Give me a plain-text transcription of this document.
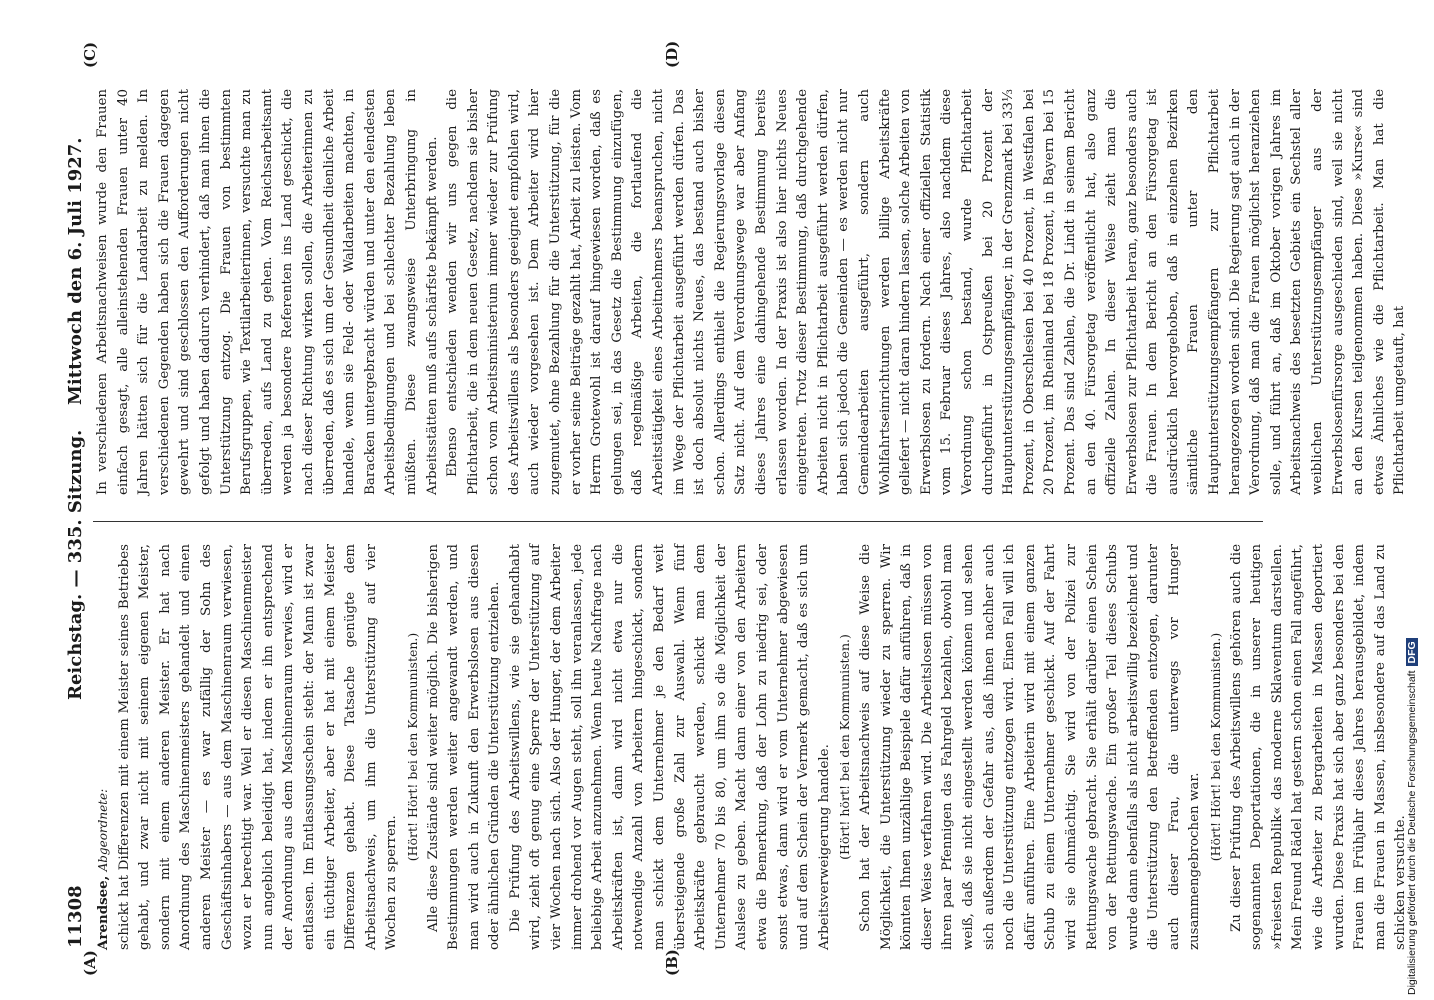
11308
Reichstag. — 335. Sitzung.
Mittwoch den 6. Juli 1927.
(A)	(B)
(C)	(D)

Arendsee, Abgeordnete: schickt hat Differenzen mit einem Meister seines Betriebes gehabt, und zwar nicht mit seinem eigenen Meister, sondern mit einem anderen Meister. Er hat nach Anordnung des Maschinenmeisters gehandelt und einen anderen Meister — es war zufällig der Sohn des Geschäftsinhabers — aus dem Maschinenraum verwiesen, wozu er berechtigt war. Weil er diesen Maschinenmeister nun angeblich beleidigt hat, indem er ihn entsprechend der Anordnung aus dem Maschinenraum verwies, wird er entlassen. Im Entlassungsschein steht: der Mann ist zwar ein tüchtiger Arbeiter, aber er hat mit einem Meister Differenzen gehabt. Diese Tatsache genügte dem Arbeitsnachweis, um ihm die Unterstützung auf vier Wochen zu sperren.

(Hört! Hört! bei den Kommunisten.) Alle diese Zustände sind weiter möglich. Die bisherigen Bestimmungen werden weiter angewandt werden, und man wird auch in Zukunft den Erwerbslosen aus diesen oder ähnlichen Gründen die Unterstützung entziehen. Die Prüfung des Arbeitswillens, wie sie gehandhabt wird, zieht oft genug eine Sperre der Unterstützung auf vier Wochen nach sich. Also der Hunger, der dem Arbeiter immer drohend vor Augen steht, soll ihn veranlassen, jede beliebige Arbeit anzunehmen. Wenn heute Nachfrage nach Arbeitskräften ist, dann wird nicht etwa nur die notwendige Anzahl von Arbeitern hingeschickt, sondern man schickt dem Unternehmer je den Bedarf weit übersteigende große Zahl zur Auswahl. Wenn fünf Arbeitskräfte gebraucht werden, schickt man dem Unternehmer 70 bis 80, um ihm so die Möglichkeit der Auslese zu geben. Macht dann einer von den Arbeitern etwa die Bemerkung, daß der Lohn zu niedrig sei, oder sonst etwas, dann wird er vom Unternehmer abgewiesen und auf dem Schein der Vermerk gemacht, daß es sich um Arbeitsverweigerung handele. (Hört! hört! bei den Kommunisten.) Schon hat der Arbeitsnachweis auf diese Weise die Möglichkeit, die Unterstützung wieder zu sperren. Wir könnten Ihnen unzählige Beispiele dafür anführen, daß in dieser Weise verfahren wird. Die Arbeitslosen müssen von ihren paar Pfennigen das Fahrgeld bezahlen, obwohl man weiß, daß sie nicht eingestellt werden können und sehen sich außerdem der Gefahr aus, daß ihnen nachher auch noch die Unterstützung entzogen wird. Einen Fall will ich dafür anführen. Eine Arbeiterin wird mit einem ganzen Schub zu einem Unternehmer geschickt. Auf der Fahrt wird sie ohnmächtig. Sie wird von der Polizei zur Rettungswache gebracht. Sie erhält darüber einen Schein von der Rettungswache. Ein großer Teil dieses Schubs wurde dann ebenfalls als nicht arbeitswillig bezeichnet und die Unterstützung den Betreffenden entzogen, darunter auch dieser Frau, die unterwegs vor Hunger zusammengebrochen war. (Hört! Hört! bei den Kommunisten.) Zu dieser Prüfung des Arbeitswillens gehören auch die sogenannten Deportationen, die in unserer heutigen »freiesten Republik« das moderne Sklaventum darstellen. Mein Freund Rädel hat gestern schon einen Fall angeführt, wie die Arbeiter zu Bergarbeiten in Massen deportiert wurden. Diese Praxis hat sich aber ganz besonders bei den Frauen im Frühjahr dieses Jahres herausgebildet, indem man die Frauen in Massen, insbesondere auf das Land zu schicken versuchte.

In verschiedenen Arbeitsnachweisen wurde den Frauen einfach gesagt, alle alleinstehenden Frauen unter 40 Jahren hätten sich für die Landarbeit zu melden. In verschiedenen Gegenden haben sich die Frauen dagegen gewehrt und sind geschlossen den Aufforderungen nicht gefolgt und haben dadurch verhindert, daß man ihnen die Unterstützung entzog. Die Frauen von bestimmten Berufsgruppen, wie Textilarbeiterinnen, versuchte man zu überreden, aufs Land zu gehen. Vom Reichsarbeitsamt werden ja besondere Referenten ins Land geschickt, die nach dieser Richtung wirken sollen, die Arbeiterinnen zu überreden, daß es sich um der Gesundheit dienliche Arbeit handele, wenn sie Feld- oder Waldarbeiten machten, in Baracken untergebracht würden und unter den elendesten Arbeitsbedingungen und bei schlechter Bezahlung leben müßten. Diese zwangsweise Unterbringung in Arbeitsstätten muß aufs schärfste bekämpft werden. Ebenso entschieden wenden wir uns gegen die Pflichtarbeit, die in dem neuen Gesetz, nachdem sie bisher schon vom Arbeitsministerium immer wieder zur Prüfung des Arbeitswillens als besonders geeignet empfohlen wird, auch wieder vorgesehen ist. Dem Arbeiter wird hier zugemutet, ohne Bezahlung für die Unterstützung, für die er vorher seine Beiträge gezahlt hat, Arbeit zu leisten. Vom Herrn Grotewohl ist darauf hingewiesen worden, daß es gelungen sei, in das Gesetz die Bestimmung einzufügen, daß regelmäßige Arbeiten, die fortlaufend die Arbeitstätigkeit eines Arbeitnehmers beanspruchen, nicht im Wege der Pflichtarbeit ausgeführt werden dürfen. Das ist doch absolut nichts Neues, das bestand auch bisher schon. Allerdings enthielt die Regierungsvorlage diesen Satz nicht. Auf dem Verordnungswege war aber Anfang dieses Jahres eine dahingehende Bestimmung bereits erlassen worden. In der Praxis ist also hier nichts Neues eingetreten. Trotz dieser Bestimmung, daß durchgehende Arbeiten nicht in Pflichtarbeit ausgeführt werden dürfen, haben sich jedoch die Gemeinden — es werden nicht nur Gemeindearbeiten ausgeführt, sondern auch Wohlfahrtseinrichtungen werden billige Arbeitskräfte geliefert — nicht daran hindern lassen, solche Arbeiten von Erwerbslosen zu fordern. Nach einer offiziellen Statistik vom 15. Februar dieses Jahres, also nachdem diese Verordnung schon bestand, wurde Pflichtarbeit durchgeführt in Ostpreußen bei 20 Prozent der Hauptunterstützungsempfänger, in der Grenzmark bei 33⅓ Prozent, in Oberschlesien bei 40 Prozent, in Westfalen bei 20 Prozent, im Rheinland bei 18 Prozent, in Bayern bei 15 Prozent. Das sind Zahlen, die Dr. Lindt in seinem Bericht an den 40. Fürsorgetag veröffentlicht hat, also ganz offizielle Zahlen. In dieser Weise zieht man die Erwerbslosen zur Pflichtarbeit heran, ganz besonders auch die Frauen. In dem Bericht an den Fürsorgetag ist ausdrücklich hervorgehoben, daß in einzelnen Bezirken sämtliche Frauen unter den Hauptunterstützungsempfängern zur Pflichtarbeit herangezogen worden sind. Die Regierung sagt auch in der Verordnung, daß man die Frauen möglichst heranziehen solle, und führt an, daß im Oktober vorigen Jahres im Arbeitsnachweis des besetzten Gebiets ein Sechstel aller weiblichen Unterstützungsempfänger aus der Erwerbslosenfürsorge ausgeschieden sind, weil sie nicht an den Kursen teilgenommen haben. Diese »Kurse« sind etwas Ähnliches wie die Pflichtarbeit. Man hat die Pflichtarbeit umgetauft, hat

Digitalisierung gefördert durch die Deutsche ForschungsgemeinschaftDFG
